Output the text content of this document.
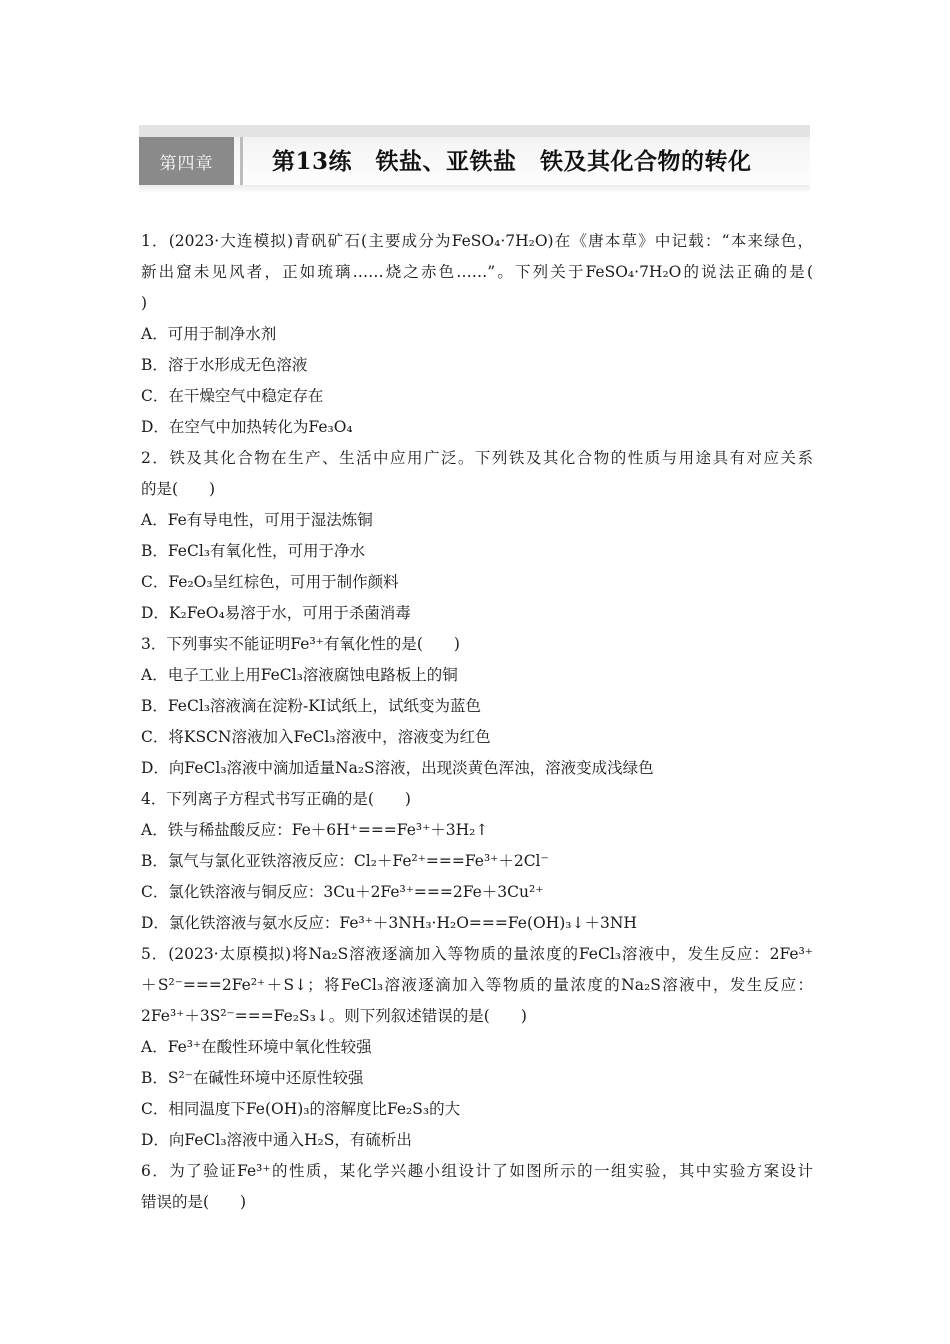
第四章	第13练　铁盐、亚铁盐　铁及其化合物的转化
1．(2023·大连模拟)青矾矿石(主要成分为FeSO₄·7H₂O)在《唐本草》中记载：“本来绿色，
新出窟未见风者，正如琉璃……烧之赤色……”。下列关于FeSO₄·7H₂O的说法正确的是(
)
A．可用于制净水剂
B．溶于水形成无色溶液
C．在干燥空气中稳定存在
D．在空气中加热转化为Fe₃O₄
2．铁及其化合物在生产、生活中应用广泛。下列铁及其化合物的性质与用途具有对应关系
的是(　　)
A．Fe有导电性，可用于湿法炼铜
B．FeCl₃有氧化性，可用于净水
C．Fe₂O₃呈红棕色，可用于制作颜料
D．K₂FeO₄易溶于水，可用于杀菌消毒
3．下列事实不能证明Fe³⁺有氧化性的是(　　)
A．电子工业上用FeCl₃溶液腐蚀电路板上的铜
B．FeCl₃溶液滴在淀粉-KI试纸上，试纸变为蓝色
C．将KSCN溶液加入FeCl₃溶液中，溶液变为红色
D．向FeCl₃溶液中滴加适量Na₂S溶液，出现淡黄色浑浊，溶液变成浅绿色
4．下列离子方程式书写正确的是(　　)
A．铁与稀盐酸反应：Fe＋6H⁺===Fe³⁺＋3H₂↑
B．氯气与氯化亚铁溶液反应：Cl₂＋Fe²⁺===Fe³⁺＋2Cl⁻
C．氯化铁溶液与铜反应：3Cu＋2Fe³⁺===2Fe＋3Cu²⁺
D．氯化铁溶液与氨水反应：Fe³⁺＋3NH₃·H₂O===Fe(OH)₃↓＋3NH
5．(2023·太原模拟)将Na₂S溶液逐滴加入等物质的量浓度的FeCl₃溶液中，发生反应：2Fe³⁺
＋S²⁻===2Fe²⁺＋S↓；将FeCl₃溶液逐滴加入等物质的量浓度的Na₂S溶液中，发生反应：
2Fe³⁺＋3S²⁻===Fe₂S₃↓。则下列叙述错误的是(　　)
A．Fe³⁺在酸性环境中氧化性较强
B．S²⁻在碱性环境中还原性较强
C．相同温度下Fe(OH)₃的溶解度比Fe₂S₃的大
D．向FeCl₃溶液中通入H₂S，有硫析出
6．为了验证Fe³⁺的性质，某化学兴趣小组设计了如图所示的一组实验，其中实验方案设计
错误的是(　　)
